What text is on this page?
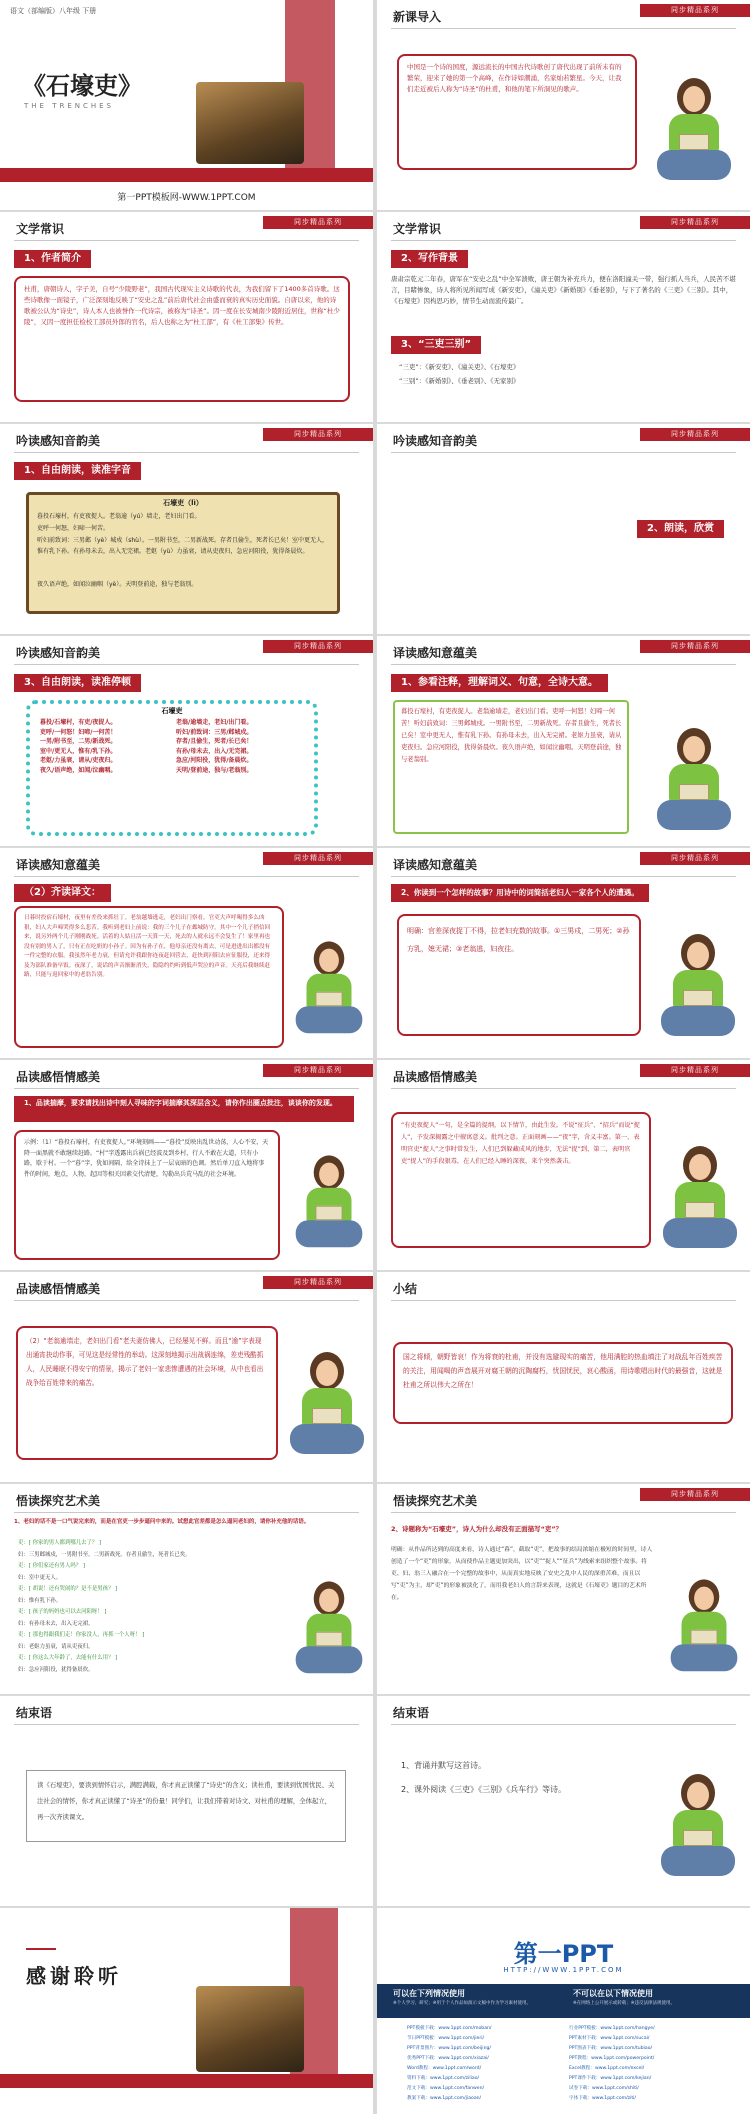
语文（部编版）八年级 下册
《石壕吏》
THE TRENCHES
第一PPT模板网-WWW.1PPT.COM
新课导入	同步精品系列
中国是一个诗的国度，源远流长的中国古代诗歌创了唐代出现了前所未有的繁荣，迎来了她的第一个高峰，在作诗如潮涌，名家灿若繁星。今天，让我们走近被后人称为“诗圣”的杜甫，和他的笔下所洞见的歌声。
文学常识	同步精品系列
1、作者简介
杜甫，唐朝诗人，字子美，自号“少陵野老”，我国古代现实主义诗歌的代表，为我们留下了1400多首诗歌。这些诗歌像一面镜子，广泛深刻地反映了“安史之乱”前后唐代社会由盛而衰的真实历史面貌。自唐以来，他的诗歌被公认为“诗史”，诗人本人也被誉作一代诗宗，被称为“诗圣”。因一度在长安城南少陵附近居住，世称“杜少陵”，又因一度担任检校工部员外郎的官名，后人也称之为“杜工部”，有《杜工部集》传世。
文学常识	同步精品系列
2、写作背景
唐肃宗乾元二年春，唐军在“安史之乱”中全军溃败，唐王朝为补充兵力，便在洛阳潼关一带，强行抓人当兵，人民苦不堪言，目睹惨象，诗人将所见所闻写成《新安吏》，《潼关吏》《新婚别》《垂老别》，与下了著名的《三吏》《三别》。其中，《石壕吏》因构思巧妙，情节生动而流传最广。
3、“三吏三别”
“三吏”：《新安吏》、《潼关吏》、《石壕吏》
“三别”：《新婚别》、《垂老别》、《无家别》
吟读感知音韵美	同步精品系列
1、自由朗读，读准字音
石壕吏（lì）
暮投石壕村，有吏夜捉人。老翁逾（yú）墙走，老妇出门看。
吏呼一何怒，妇啼一何苦。
听妇前致词：三男邺（yè）城戍（shù）。一男附书至，二男新战死。存者且偷生，死者长已矣！室中更无人，惟有乳下孙。有孙母未去，出入无完裙。老妪（yù）力虽衰，请从吏夜归，急应河阳役，犹得备晨炊。
夜久语声绝，如闻泣幽咽（yè）。天明登前途，独与老翁别。
吟读感知音韵美	同步精品系列
2、朗读，欣赏
吟读感知音韵美	同步精品系列
3、自由朗读，读准停顿
石壕吏
暮投/石壕村，有吏/夜捉人。
吏呼/一何怒！妇啼/一何苦！
一男/附书至，二男/新战死。
室中/更无人，惟有/乳下孙。
老妪/力虽衰，请从/吏夜归。
夜久/语声绝，如闻/泣幽咽。
老翁/逾墙走，老妇/出门看。
听妇/前致词：三男/邺城戍。
存者/且偷生，死者/长已矣！
有孙/母未去，出入/无完裙。
急应/河阳役，犹得/备晨炊。
天明/登前途，独与/老翁别。
译读感知意蕴美	同步精品系列
1、参看注释，理解词义、句意，全诗大意。
暮投石壕村，有吏夜捉人。老翁逾墙走，老妇出门看。吏呼一何怒！妇啼一何苦！听妇前致词：三男邺城戍。一男附书至，二男新战死。存者且偷生，死者长已矣！室中更无人，惟有乳下孙。有孙母未去，出入无完裙。老妪力虽衰，请从吏夜归。急应河阳役，犹得备晨炊。夜久语声绝，如闻泣幽咽。天明登前途，独与老翁别。
译读感知意蕴美	同步精品系列
（2）齐读译文：
日暮时投宿石壕村，夜里有差役来抓壮丁。老翁越墙逃走，老妇出门察看。官吏大声呼喝得多么凶狠，妇人大声啼哭得多么悲苦。我听到老妇上前说：我的三个儿子在邺城防守。其中一个儿子捎信回来，说另外两个儿子刚刚战死。活着的人姑且活一天算一天，死去的人就永远不会复生了！家里再也没有别的男人了，只有正在吃奶的小孙子。因为有孙子在，他母亲还没有离去，可是进进出出都没有一件完整的衣服。我虽然年老力衰，但请允许我跟你连夜赶回营去，赶快到河阳去应征服役，还来得及为部队准备早饭。夜深了，说话的声音渐渐消失，隐隐约约听到低声哭泣的声音。天亮后我继续赶路，只能与返回家中的老翁告别。
译读感知意蕴美	同步精品系列
2、你读到一个怎样的故事？用诗中的词简括老妇人一家各个人的遭遇。
明确：官差深夜捉丁不得，拉老妇充数的故事。①三男戍，二男死；②孙方乳，媳无裙；③老翁逃，妇夜往。
品读感悟情感美	同步精品系列
1、品读揣摩，要求请找出诗中刻人寻味的字词揣摩其深层含义，请你作出圈点批注，谈谈你的发现。
示例：（1）“暮投石壕村，有吏夜捉人。”环境刻画——“暮投”反映出乱世动荡，人心不安，天降一面黑就不敢继续赶路。“村”字透露出兵祸已经波及到乡村，行人不敢在大道，只有小路，歇于村。一个“暮”字，犹如间隔，给全诗抹上了一层哀暗的色调。然后单刀直入地将事件的时间，地点，人物，起因等相关因素交代清楚，勾勒出兵荒马乱的社会环境。
品读感悟情感美	同步精品系列
“有吏夜捉人”一句，是全篇的提纲，以下情节，由此生发。不说“征兵”、“招兵”而说“捉人”，予发深揭露之中擅寓意义。批判之意。正面刻画——“夜”字，含义丰富。第一，表明官吏“捉人”之事时常发生，人们已到躲藏成风的地步，无法“捉”到，第二，表明官吏“捉人”的手段狠毒，在人们已经入睡的深夜，来个突然袭击。
品读感悟情感美	同步精品系列
（2）“老翁逾墙走，老妇出门看”老夫妻仿佛人，已经屡见不鲜。而且“逾”字表现出通宵抉动作事，可见这是经常性的举动。这深刻地揭示出战祸连绵，差吏残酷抓人，人民睡眠不得安宁的情景，揭示了老妇一家悲惨遭遇的社会环境，从中也看出战争给百姓带来的痛苦。
小结
国之将倾，朝野皆哀！作为将衰的杜甫，并没有选避现实的痛苦，他用满腔的热血填注了对战乱年百姓疾苦的关注，用闻喝的声音展开对腐王朝的沉陶腐朽，忧国忧民，哀心酸函，用诗歌唱出时代的最强音，这就是杜甫之所以伟大之所在！
悟读探究艺术美
1、老妇的话不是一口气说完来的，而是在官吏一步步逼问中来的。试想此官差都是怎么逼问老妇的，请你补充他的话语。
吏：[ 你家的男人都到哪儿去了？ ]
妇：三男邺城戍，一男附书至，二男新战死。存者且偷生，死者长已矣。
吏：[ 你们家还有男人吗？ ]
妇：室中更无人。
吏：[ 胡说！还有哭闹的？是不是男孩？ ]
妇：惟有乳下孙。
吏：[ 孩子的妈妈也可以去河阳呀！ ]
妇：有孙母未去，出入无完裙。
吏：[ 那也得跟我们走！你家没人，再抓一个人呀！ ]
妇：老妪力虽衰，请从吏夜归。
吏：[ 你这么大年龄了，去能有什么用？ ]
妇：急应河阳役，犹得备晨炊。
悟读探究艺术美	同步精品系列
2、诗题称为“石壕吏”，诗人为什么却没有正面描写“吏”？
明确：从作品所达到的高度来看，诗人通过“暮”，截取“吏”，把故事的结局浓缩在极短的时间里，诗人创造了一个“吏”的形象，从而使作品主题更加突出，以“吏”“捉人”“征兵”为线索来组织整个故事。将吏、妇、翁三人融合在一个完整的故事中，从而真实地反映了安史之乱中人民的深重苦难，而且以写“吏”为主，却“吏”的形象被淡化了，而用我老妇人的言辞来表现，这就是《石壕吏》题目的艺术所在。
结束语
读《石壕吏》，要读到情怀启示，满腔满载，你才真正读懂了“诗史”的含义；读杜甫，要读到忧国忧民、关注社会的情怀，你才真正读懂了“诗圣”的份量！同学们，让我们带着对诗文、对杜甫的理解，全体起立，再一次齐读课文。
结束语
1、背诵并默写这首诗。
2、课外阅读《三吏》《三别》《兵车行》等诗。
感谢聆听
第一PPT
HTTP://WWW.1PPT.COM
可以在下列情况使用
※个人学习、研究；※用于个人作品如演示文稿中作为学习素材使用。
不可以在以下情况使用
※在网络上公开展示或转载；※违反法律法规使用。
PPT模板下载：www.1ppt.com/moban/
节日PPT模板：www.1ppt.com/jieri/
PPT背景图片：www.1ppt.com/beijing/
优秀PPT下载：www.1ppt.com/xiazai/
Word教程：www.1ppt.com/word/
资料下载：www.1ppt.com/ziliao/
范文下载：www.1ppt.com/fanwen/
教案下载：www.1ppt.com/jiaoan/
行业PPT模板：www.1ppt.com/hangye/
PPT素材下载：www.1ppt.com/sucai/
PPT图表下载：www.1ppt.com/tubiao/
PPT教程：www.1ppt.com/powerpoint/
Excel教程：www.1ppt.com/excel/
PPT课件下载：www.1ppt.com/kejian/
试卷下载：www.1ppt.com/shiti/
字体下载：www.1ppt.com/ziti/
